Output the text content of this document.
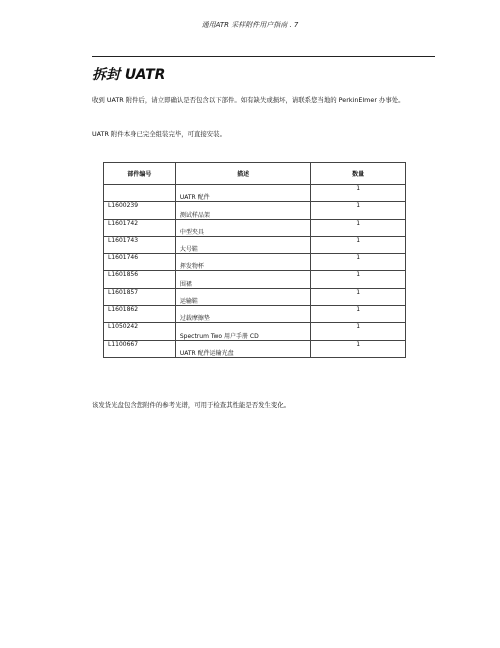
通用ATR 采样附件用户指南 . 7
拆封 UATR

收到 UATR 附件后，请立即确认是否包含以下部件。如有缺失或损坏，请联系您当地的 PerkinElmer 办事处。

UATR 附件本身已完全组装完毕，可直接安装。

部件编号	描述	数量
	UATR 配件	1
L1600239	测试样品架	1
L1601742	中型夹具	1
L1601743	大号鞋	1
L1601746	挥发物杯	1
L1601856	围裙	1
L1601857	运输鞋	1
L1601862	过载摩擦垫	1
L1050242	Spectrum Two 用户手册 CD	1
L1100667	UATR 配件运输光盘	1

该发货光盘包含您附件的参考光谱，可用于检查其性能是否发生变化。
